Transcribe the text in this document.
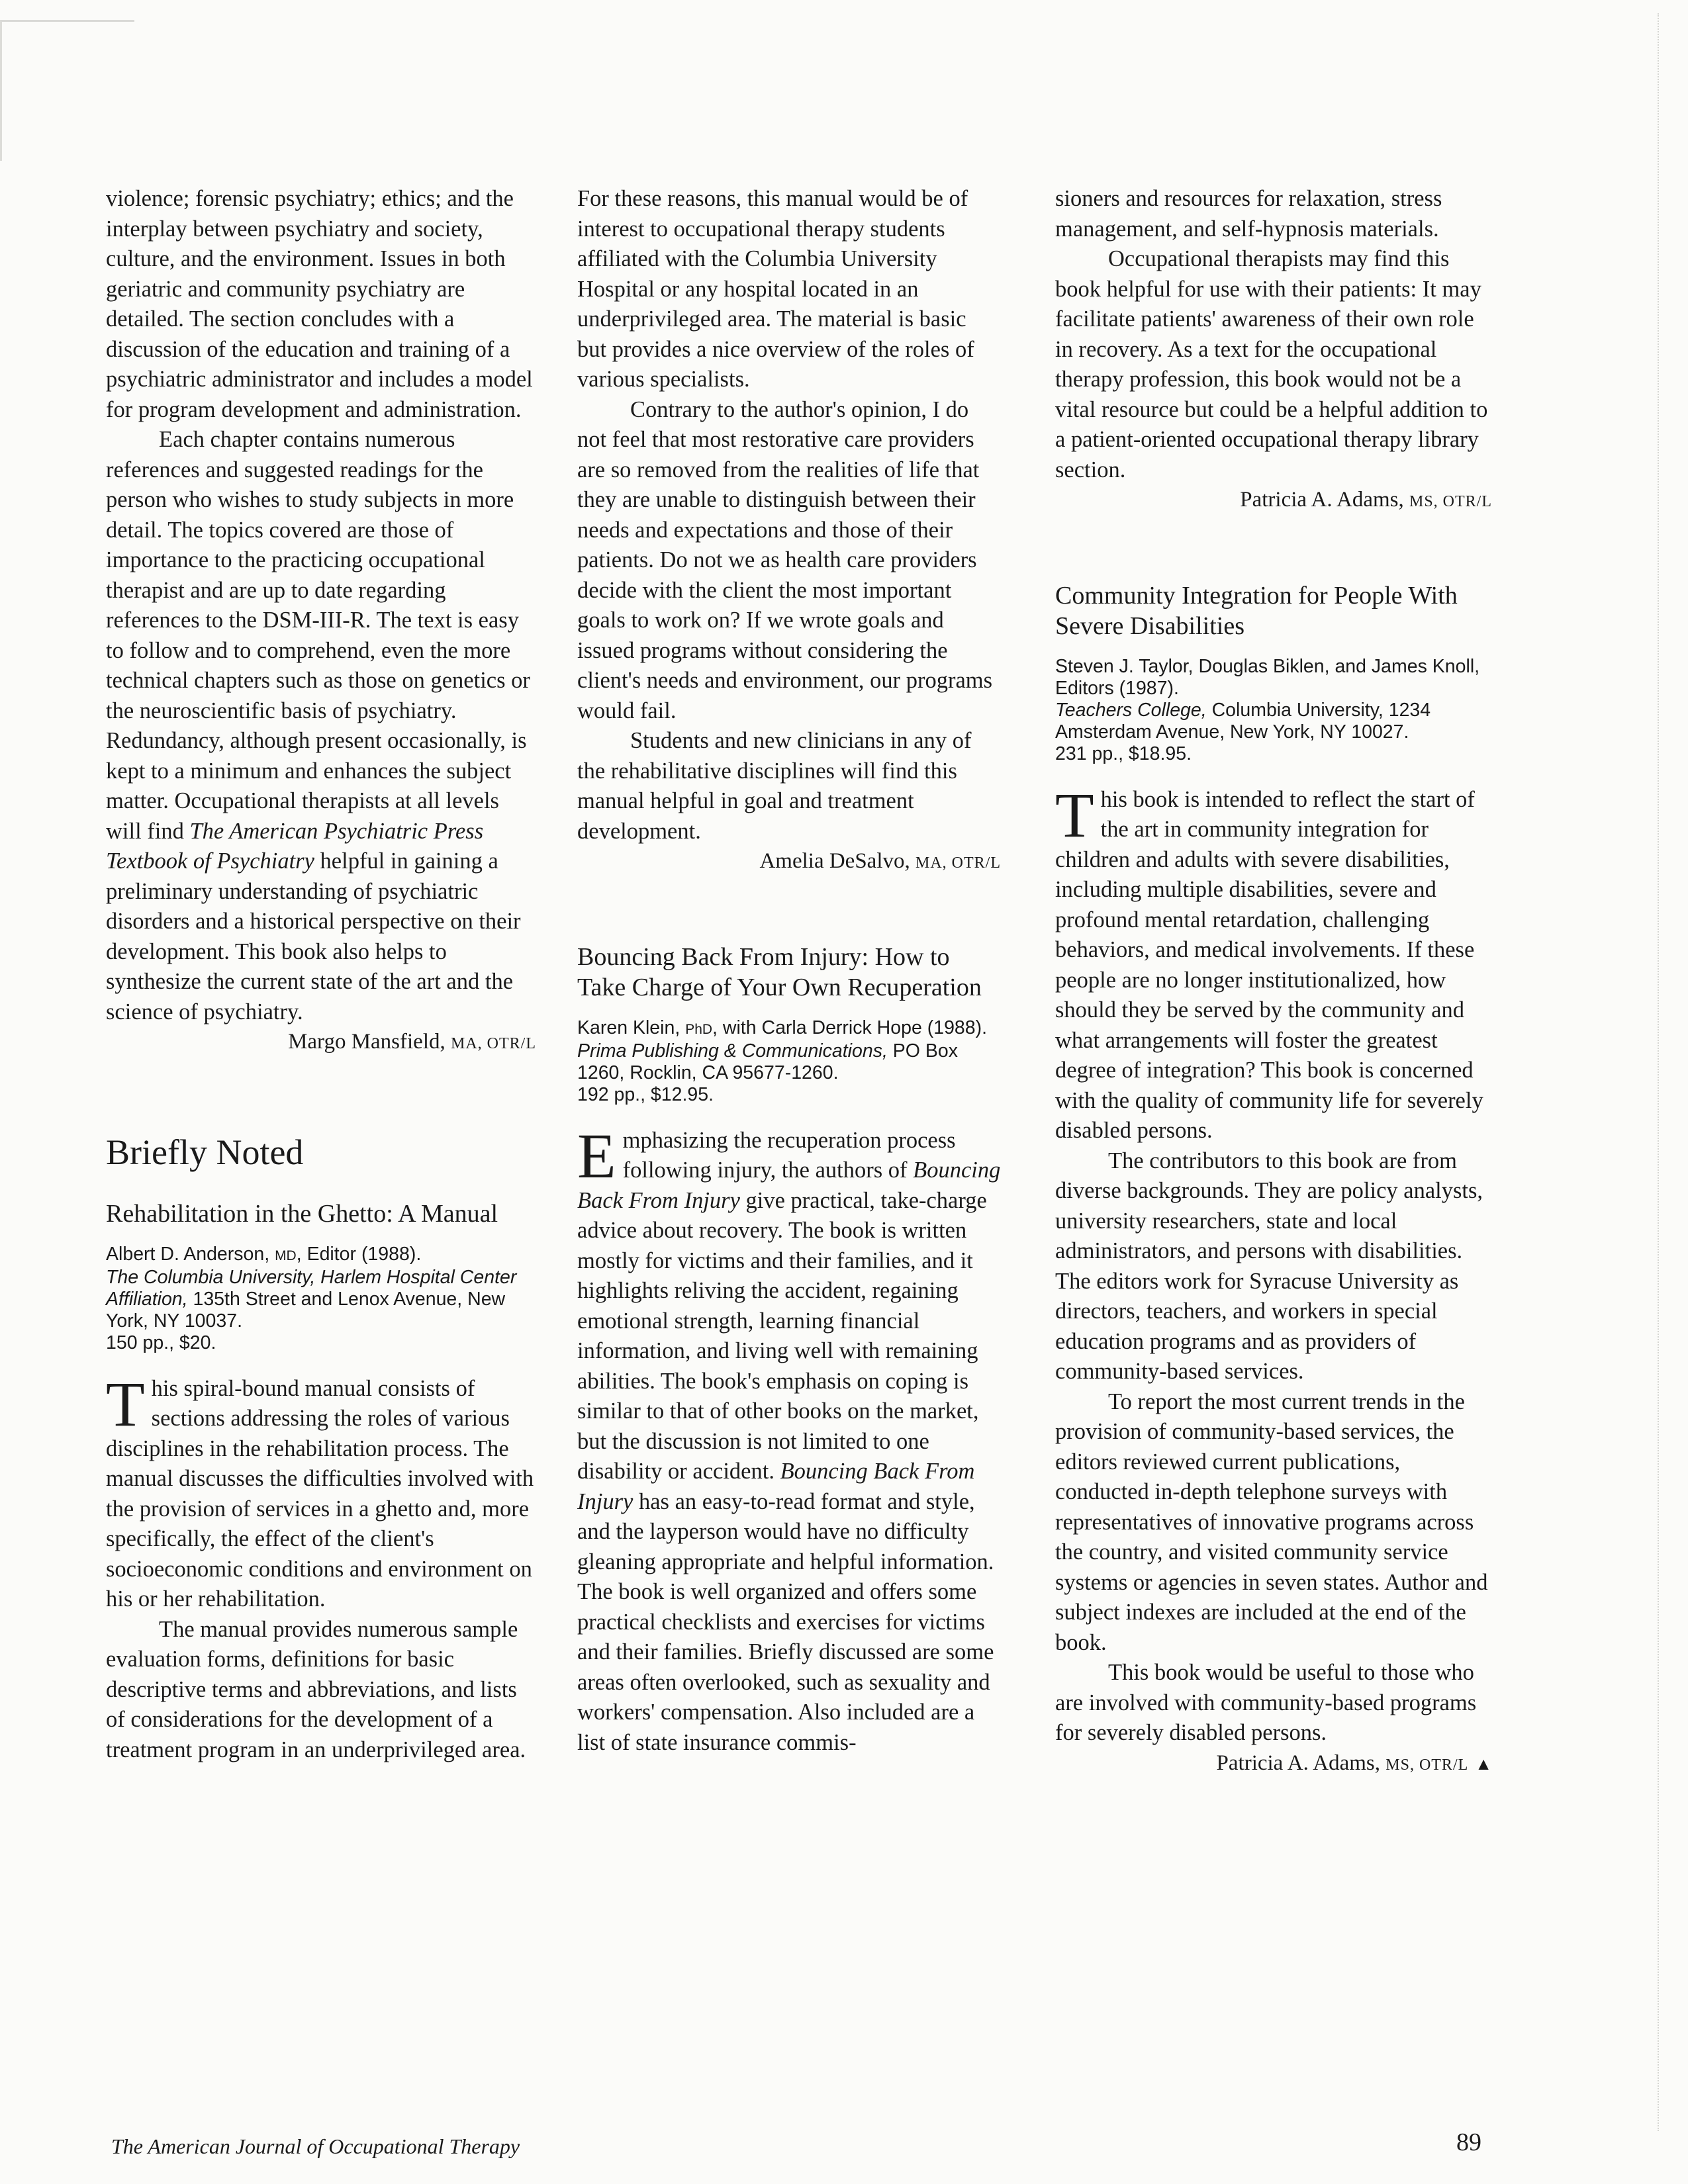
violence; forensic psychiatry; ethics; and the interplay between psychiatry and society, culture, and the environment. Issues in both geriatric and community psychiatry are detailed. The section concludes with a discussion of the education and training of a psychiatric administrator and includes a model for program development and administration.

Each chapter contains numerous references and suggested readings for the person who wishes to study subjects in more detail. The topics covered are those of importance to the practicing occupational therapist and are up to date regarding references to the DSM-III-R. The text is easy to follow and to comprehend, even the more technical chapters such as those on genetics or the neuroscientific basis of psychiatry. Redundancy, although present occasionally, is kept to a minimum and enhances the subject matter. Occupational therapists at all levels will find The American Psychiatric Press Textbook of Psychiatry helpful in gaining a preliminary understanding of psychiatric disorders and a historical perspective on their development. This book also helps to synthesize the current state of the art and the science of psychiatry.

Margo Mansfield, MA, OTR/L

Briefly Noted
Rehabilitation in the Ghetto: A Manual

Albert D. Anderson, MD, Editor (1988).
The Columbia University, Harlem Hospital Center Affiliation, 135th Street and Lenox Avenue, New York, NY 10037.
150 pp., $20.

This spiral-bound manual consists of sections addressing the roles of various disciplines in the rehabilitation process. The manual discusses the difficulties involved with the provision of services in a ghetto and, more specifically, the effect of the client's socioeconomic conditions and environment on his or her rehabilitation.

The manual provides numerous sample evaluation forms, definitions for basic descriptive terms and abbreviations, and lists of considerations for the development of a treatment program in an underprivileged area.

For these reasons, this manual would be of interest to occupational therapy students affiliated with the Columbia University Hospital or any hospital located in an underprivileged area. The material is basic but provides a nice overview of the roles of various specialists.

Contrary to the author's opinion, I do not feel that most restorative care providers are so removed from the realities of life that they are unable to distinguish between their needs and expectations and those of their patients. Do not we as health care providers decide with the client the most important goals to work on? If we wrote goals and issued programs without considering the client's needs and environment, our programs would fail.

Students and new clinicians in any of the rehabilitative disciplines will find this manual helpful in goal and treatment development.

Amelia DeSalvo, MA, OTR/L

Bouncing Back From Injury: How to Take Charge of Your Own Recuperation

Karen Klein, PhD, with Carla Derrick Hope (1988).
Prima Publishing & Communications, PO Box 1260, Rocklin, CA 95677-1260.
192 pp., $12.95.

Emphasizing the recuperation process following injury, the authors of Bouncing Back From Injury give practical, take-charge advice about recovery. The book is written mostly for victims and their families, and it highlights reliving the accident, regaining emotional strength, learning financial information, and living well with remaining abilities. The book's emphasis on coping is similar to that of other books on the market, but the discussion is not limited to one disability or accident. Bouncing Back From Injury has an easy-to-read format and style, and the layperson would have no difficulty gleaning appropriate and helpful information. The book is well organized and offers some practical checklists and exercises for victims and their families. Briefly discussed are some areas often overlooked, such as sexuality and workers' compensation. Also included are a list of state insurance commis-

sioners and resources for relaxation, stress management, and self-hypnosis materials.

Occupational therapists may find this book helpful for use with their patients: It may facilitate patients' awareness of their own role in recovery. As a text for the occupational therapy profession, this book would not be a vital resource but could be a helpful addition to a patient-oriented occupational therapy library section.

Patricia A. Adams, MS, OTR/L

Community Integration for People With Severe Disabilities

Steven J. Taylor, Douglas Biklen, and James Knoll, Editors (1987).
Teachers College, Columbia University, 1234 Amsterdam Avenue, New York, NY 10027.
231 pp., $18.95.

This book is intended to reflect the start of the art in community integration for children and adults with severe disabilities, including multiple disabilities, severe and profound mental retardation, challenging behaviors, and medical involvements. If these people are no longer institutionalized, how should they be served by the community and what arrangements will foster the greatest degree of integration? This book is concerned with the quality of community life for severely disabled persons.

The contributors to this book are from diverse backgrounds. They are policy analysts, university researchers, state and local administrators, and persons with disabilities. The editors work for Syracuse University as directors, teachers, and workers in special education programs and as providers of community-based services.

To report the most current trends in the provision of community-based services, the editors reviewed current publications, conducted in-depth telephone surveys with representatives of innovative programs across the country, and visited community service systems or agencies in seven states. Author and subject indexes are included at the end of the book.

This book would be useful to those who are involved with community-based programs for severely disabled persons.

Patricia A. Adams, MS, OTR/L ▲

The American Journal of Occupational Therapy	89
